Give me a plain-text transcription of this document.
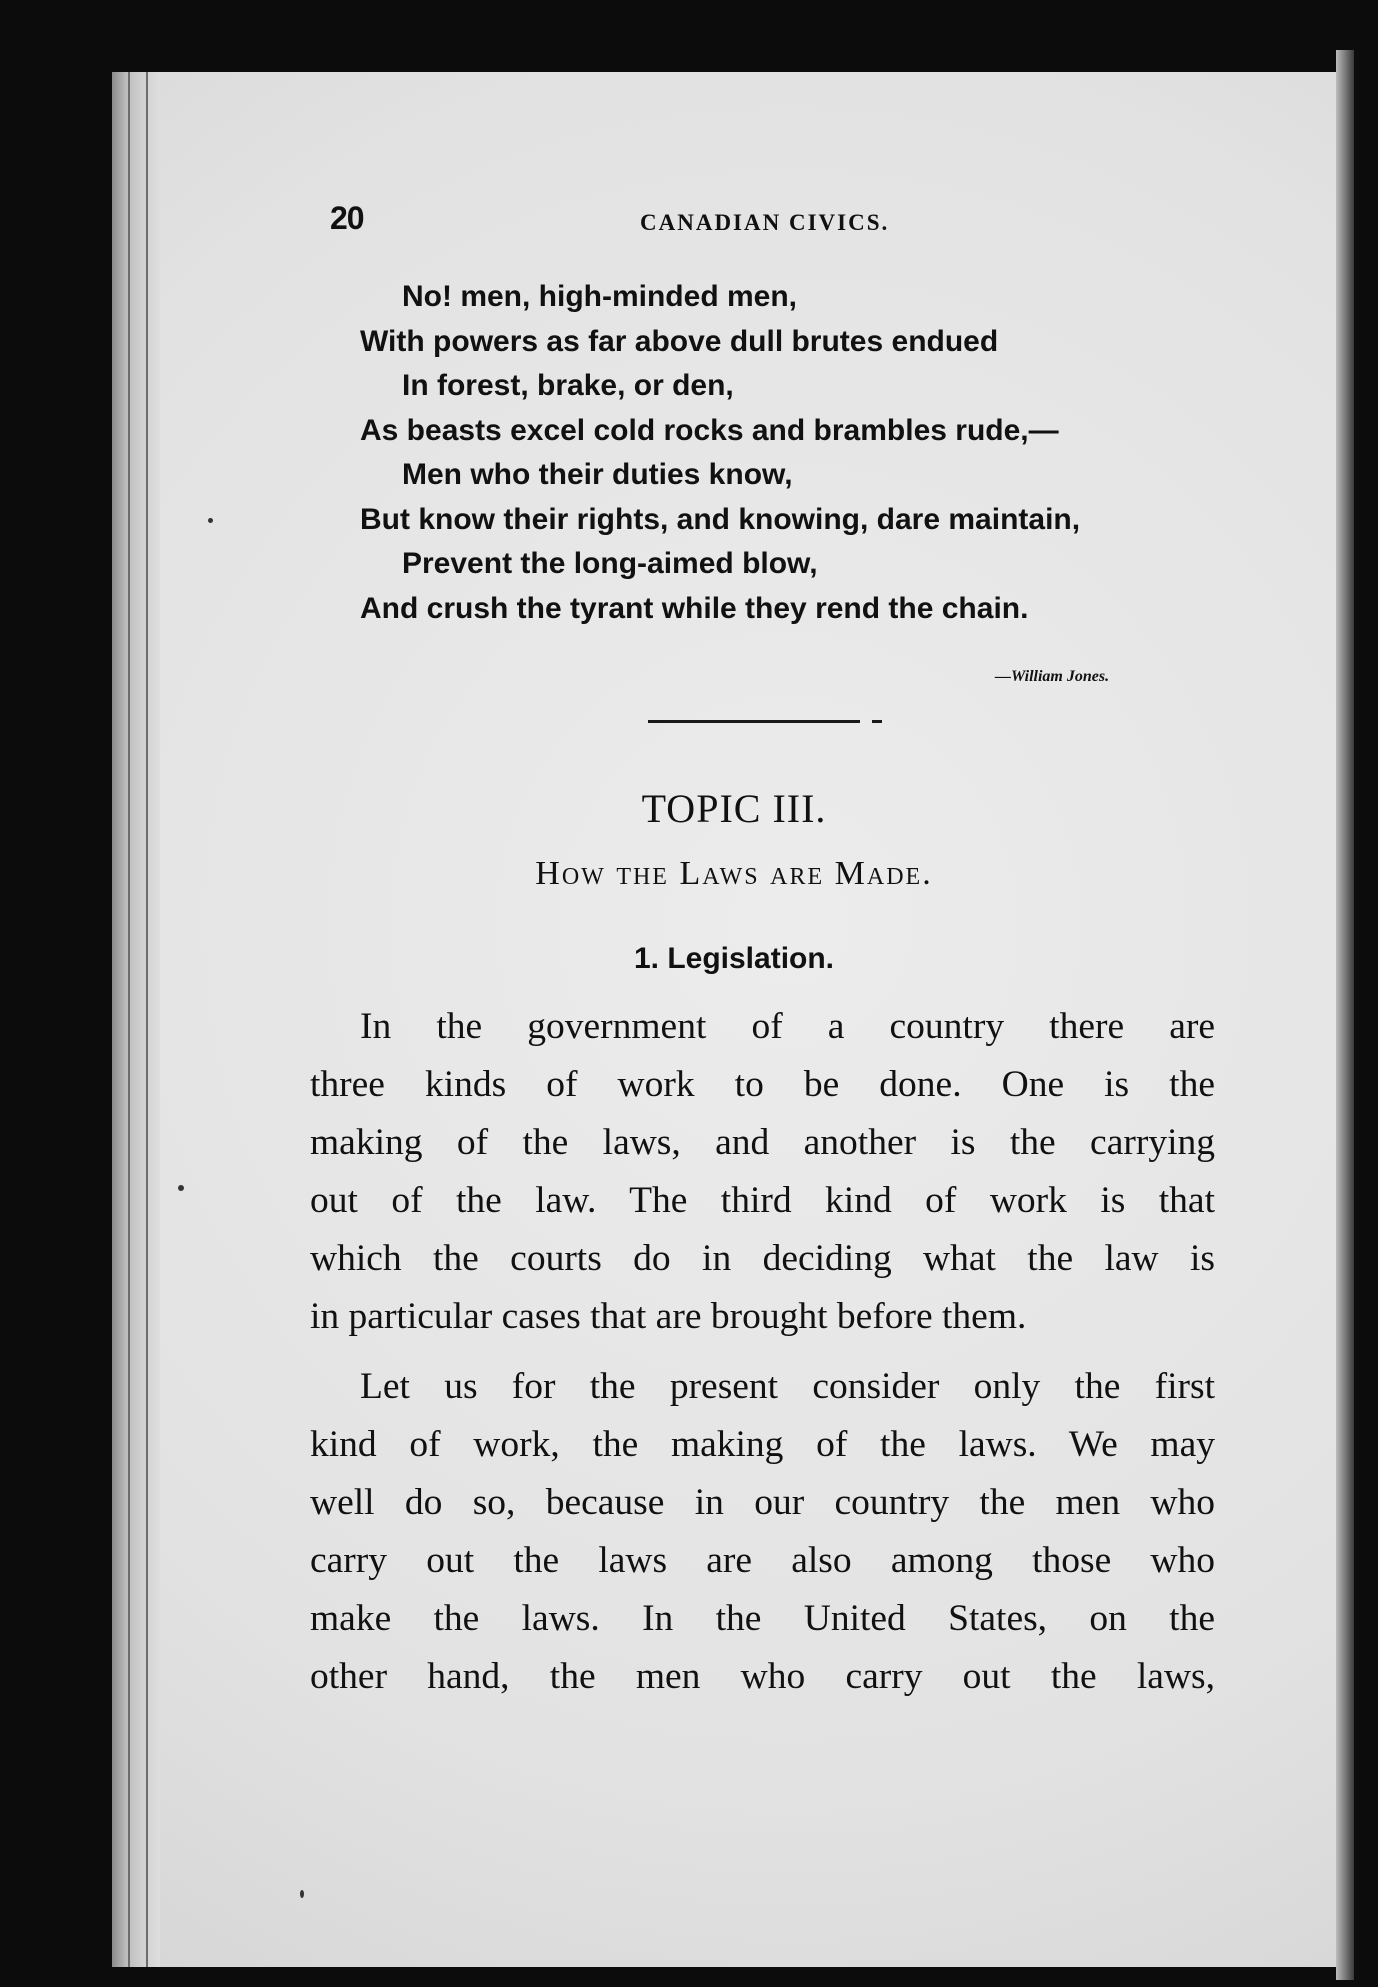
20	CANADIAN CIVICS.
No! men, high-minded men,
With powers as far above dull brutes endued
In forest, brake, or den,
As beasts excel cold rocks and brambles rude,—
Men who their duties know,
But know their rights, and knowing, dare maintain,
Prevent the long-aimed blow,
And crush the tyrant while they rend the chain.
—William Jones.
TOPIC III.
How the Laws are Made.
1. Legislation.
In the government of a country there are
three kinds of work to be done. One is the
making of the laws, and another is the carrying
out of the law. The third kind of work is that
which the courts do in deciding what the law is
in particular cases that are brought before them.
Let us for the present consider only the first
kind of work, the making of the laws. We may
well do so, because in our country the men who
carry out the laws are also among those who
make the laws. In the United States, on the
other hand, the men who carry out the laws,
